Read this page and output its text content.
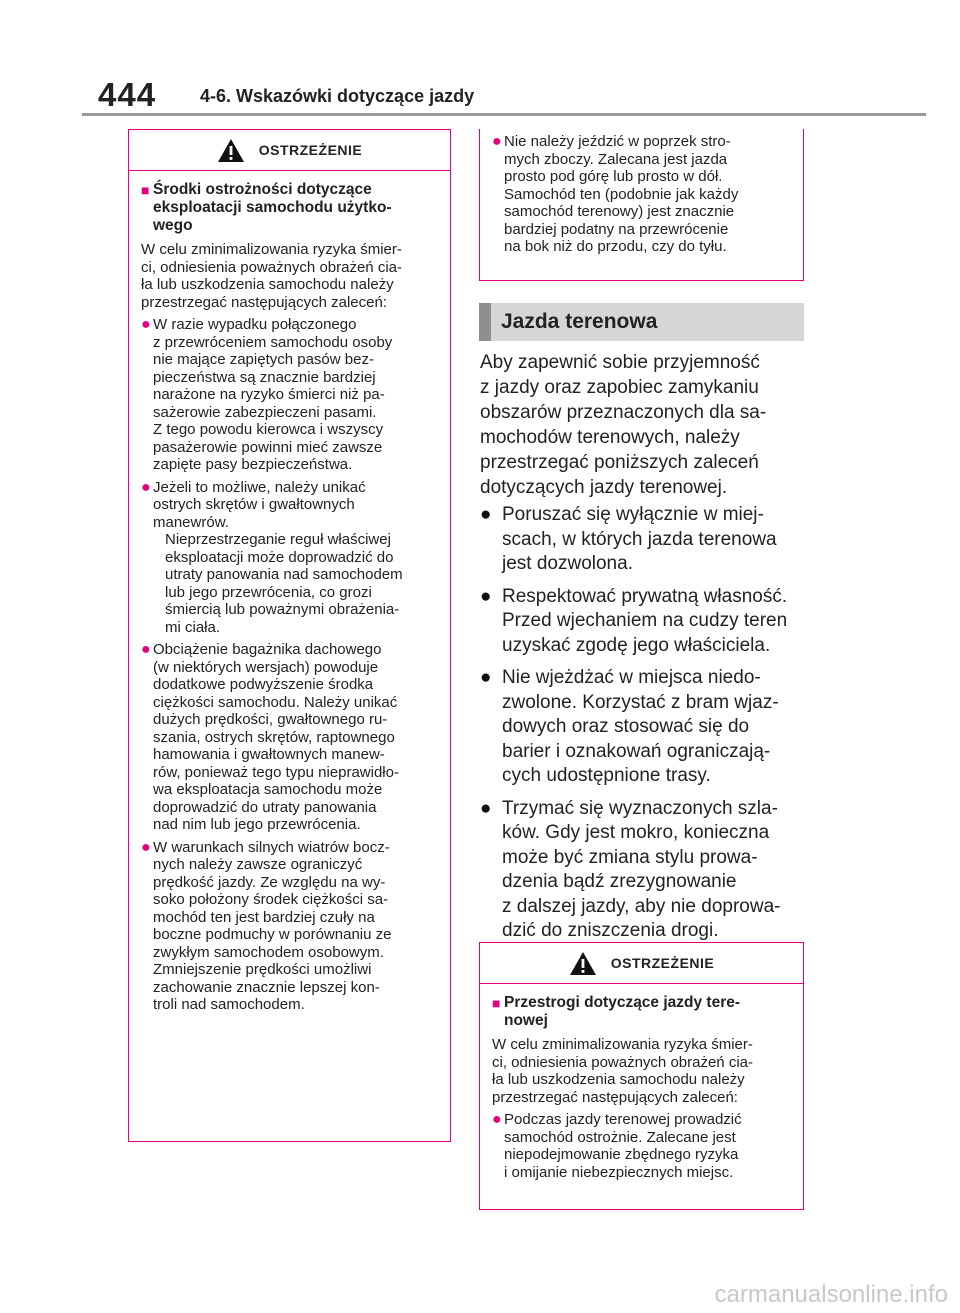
444 4-6. Wskazówki dotyczące jazdy
OSTRZEŻENIE
■ Środki ostrożności dotyczące
eksploatacji samochodu użytko-
wego
W celu zminimalizowania ryzyka śmier-
ci, odniesienia poważnych obrażeń cia-
ła lub uszkodzenia samochodu należy
przestrzegać następujących zaleceń:
● W razie wypadku połączonego
z przewróceniem samochodu osoby
nie mające zapiętych pasów bez-
pieczeństwa są znacznie bardziej
narażone na ryzyko śmierci niż pa-
sażerowie zabezpieczeni pasami.
Z tego powodu kierowca i wszyscy
pasażerowie powinni mieć zawsze
zapięte pasy bezpieczeństwa.
● Jeżeli to możliwe, należy unikać
ostrych skrętów i gwałtownych
manewrów.
Nieprzestrzeganie reguł właściwej
eksploatacji może doprowadzić do
utraty panowania nad samochodem
lub jego przewrócenia, co grozi
śmiercią lub poważnymi obrażenia-
mi ciała.
● Obciążenie bagażnika dachowego
(w niektórych wersjach) powoduje
dodatkowe podwyższenie środka
ciężkości samochodu. Należy unikać
dużych prędkości, gwałtownego ru-
szania, ostrych skrętów, raptownego
hamowania i gwałtownych manew-
rów, ponieważ tego typu nieprawidło-
wa eksploatacja samochodu może
doprowadzić do utraty panowania
nad nim lub jego przewrócenia.
● W warunkach silnych wiatrów bocz-
nych należy zawsze ograniczyć
prędkość jazdy. Ze względu na wy-
soko położony środek ciężkości sa-
mochód ten jest bardziej czuły na
boczne podmuchy w porównaniu ze
zwykłym samochodem osobowym.
Zmniejszenie prędkości umożliwi
zachowanie znacznie lepszej kon-
troli nad samochodem.
● Nie należy jeździć w poprzek stro-
mych zboczy. Zalecana jest jazda
prosto pod górę lub prosto w dół.
Samochód ten (podobnie jak każdy
samochód terenowy) jest znacznie
bardziej podatny na przewrócenie
na bok niż do przodu, czy do tyłu.
Jazda terenowa
Aby zapewnić sobie przyjemność
z jazdy oraz zapobiec zamykaniu
obszarów przeznaczonych dla sa-
mochodów terenowych, należy
przestrzegać poniższych zaleceń
dotyczących jazdy terenowej.
● Poruszać się wyłącznie w miej-
scach, w których jazda terenowa
jest dozwolona.
● Respektować prywatną własność.
Przed wjechaniem na cudzy teren
uzyskać zgodę jego właściciela.
● Nie wjeżdżać w miejsca niedo-
zwolone. Korzystać z bram wjaz-
dowych oraz stosować się do
barier i oznakowań ograniczają-
cych udostępnione trasy.
● Trzymać się wyznaczonych szla-
ków. Gdy jest mokro, konieczna
może być zmiana stylu prowa-
dzenia bądź zrezygnowanie
z dalszej jazdy, aby nie doprowa-
dzić do zniszczenia drogi.
OSTRZEŻENIE
■ Przestrogi dotyczące jazdy tere-
nowej
W celu zminimalizowania ryzyka śmier-
ci, odniesienia poważnych obrażeń cia-
ła lub uszkodzenia samochodu należy
przestrzegać następujących zaleceń:
● Podczas jazdy terenowej prowadzić
samochód ostrożnie. Zalecane jest
niepodejmowanie zbędnego ryzyka
i omijanie niebezpiecznych miejsc.
carmanualsonline.info
